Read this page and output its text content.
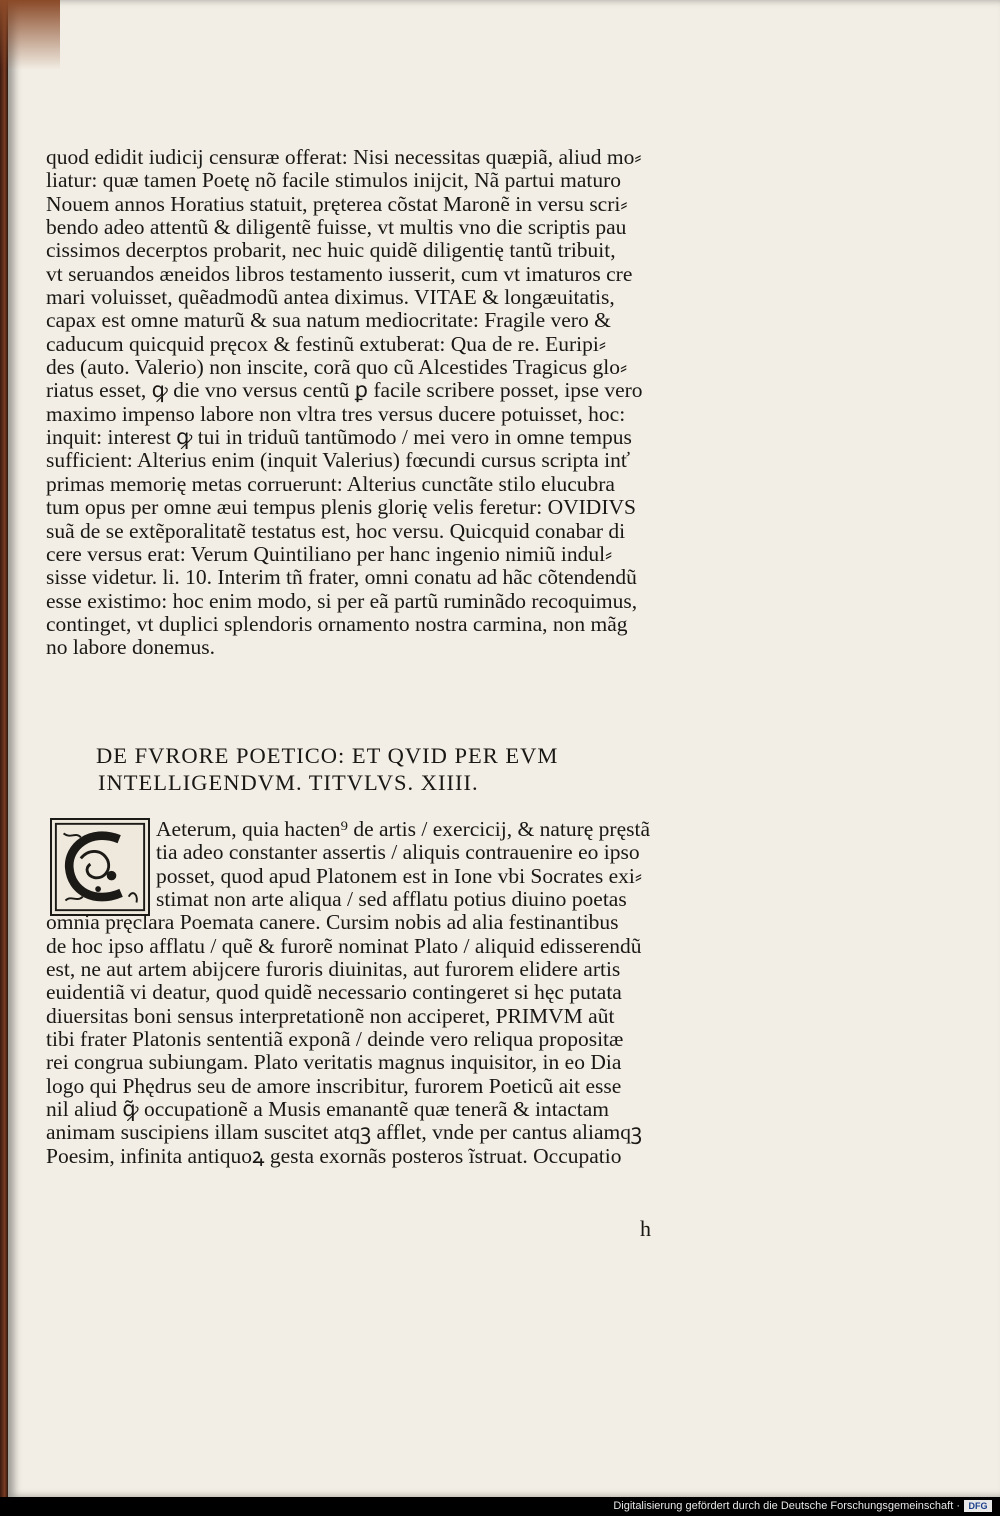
quod edidit iudicij censuræ offerat: Nisi necessitas quæpiã, aliud mo⸗
liatur: quæ tamen Poetę nõ facile stimulos inijcit, Nã partui maturo
Nouem annos Horatius statuit, pręterea cõstat Maronẽ in versu scri⸗
bendo adeo attentũ & diligentẽ fuisse, vt multis vno die scriptis pau
cissimos decerptos probarit, nec huic quidẽ diligentię tantũ tribuit,
vt seruandos æneidos libros testamento iusserit, cum vt imaturos cre
mari voluisset, quẽadmodũ antea diximus. VITAE & longæuitatis,
capax est omne maturũ & sua natum mediocritate: Fragile vero &
caducum quicquid pręcox & festinũ extuberat: Qua de re. Euripi⸗
des (auto. Valerio) non inscite, corã quo cũ Alcestides Tragicus glo⸗
riatus esset, ꝙ die vno versus centũ ꝑ facile scribere posset, ipse vero
maximo impenso labore non vltra tres versus ducere potuisset, hoc:
inquit: interest ꝙ tui in triduũ tantũmodo / mei vero in omne tempus
sufficient: Alterius enim (inquit Valerius) fœcundi cursus scripta inť
primas memorię metas corruerunt: Alterius cunctãte stilo elucubra
tum opus per omne æui tempus plenis glorię velis feretur: OVIDIVS
suã de se extẽporalitatẽ testatus est, hoc versu. Quicquid conabar di
cere versus erat: Verum Quintiliano per hanc ingenio nimiũ indul⸗
sisse videtur. li. 10. Interim tñ frater, omni conatu ad hãc cõtendendũ
esse existimo: hoc enim modo, si per eã partũ ruminãdo recoquimus,
continget, vt duplici splendoris ornamento nostra carmina, non mãg
no labore donemus.
DE FVRORE POETICO: ET QVID PER EVM
INTELLIGENDVM. TITVLVS. XIIII.
Aeterum, quia hacten⁹ de artis / exercicij, & naturę pręstã
tia adeo constanter assertis / aliquis contrauenire eo ipso
posset, quod apud Platonem est in Ione vbi Socrates exi⸗
stimat non arte aliqua / sed afflatu potius diuino poetas
omnia pręclara Poemata canere. Cursim nobis ad alia festinantibus
de hoc ipso afflatu / quẽ & furorẽ nominat Plato / aliquid edisserendũ
est, ne aut artem abijcere furoris diuinitas, aut furorem elidere artis
euidentiã vi deatur, quod quidẽ necessario contingeret si hęc putata
diuersitas boni sensus interpretationẽ non acciperet, PRIMVM aũt
tibi frater Platonis sententiã exponã / deinde vero reliqua propositæ
rei congrua subiungam. Plato veritatis magnus inquisitor, in eo Dia
logo qui Phędrus seu de amore inscribitur, furorem Poeticũ ait esse
nil aliud ꝙ̃ occupationẽ a Musis emanantẽ quæ tenerã & intactam
animam suscipiens illam suscitet atqꝫ afflet, vnde per cantus aliamqꝫ
Poesim, infinita antiquoꝝ gesta exornãs posteros ĩstruat. Occupatio
h
Digitalisierung gefördert durch die Deutsche Forschungsgemeinschaft · DFG
